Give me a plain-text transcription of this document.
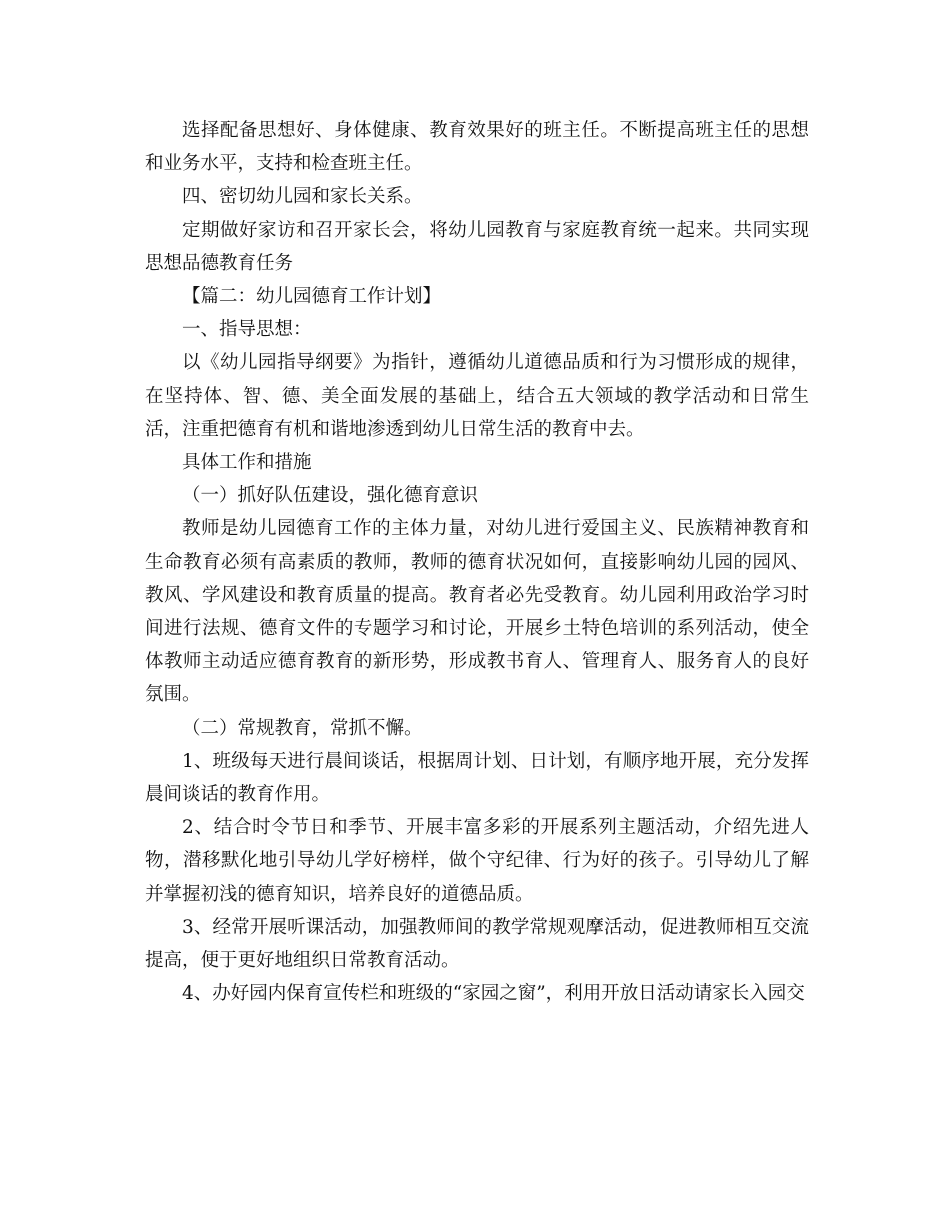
选择配备思想好、身体健康、教育效果好的班主任。不断提高班主任的思想和业务水平，支持和检查班主任。

四、密切幼儿园和家长关系。

定期做好家访和召开家长会，将幼儿园教育与家庭教育统一起来。共同实现思想品德教育任务

【篇二：幼儿园德育工作计划】

一、指导思想：

以《幼儿园指导纲要》为指针，遵循幼儿道德品质和行为习惯形成的规律，在坚持体、智、德、美全面发展的基础上，结合五大领域的教学活动和日常生活，注重把德育有机和谐地渗透到幼儿日常生活的教育中去。

具体工作和措施

（一）抓好队伍建设，强化德育意识

教师是幼儿园德育工作的主体力量，对幼儿进行爱国主义、民族精神教育和生命教育必须有高素质的教师，教师的德育状况如何，直接影响幼儿园的园风、教风、学风建设和教育质量的提高。教育者必先受教育。幼儿园利用政治学习时间进行法规、德育文件的专题学习和讨论，开展乡土特色培训的系列活动，使全体教师主动适应德育教育的新形势，形成教书育人、管理育人、服务育人的良好氛围。

（二）常规教育，常抓不懈。

1、班级每天进行晨间谈话，根据周计划、日计划，有顺序地开展，充分发挥晨间谈话的教育作用。

2、结合时令节日和季节、开展丰富多彩的开展系列主题活动，介绍先进人物，潜移默化地引导幼儿学好榜样，做个守纪律、行为好的孩子。引导幼儿了解并掌握初浅的德育知识，培养良好的道德品质。

3、经常开展听课活动，加强教师间的教学常规观摩活动，促进教师相互交流提高，便于更好地组织日常教育活动。

4、办好园内保育宣传栏和班级的“家园之窗”，利用开放日活动请家长入园交
